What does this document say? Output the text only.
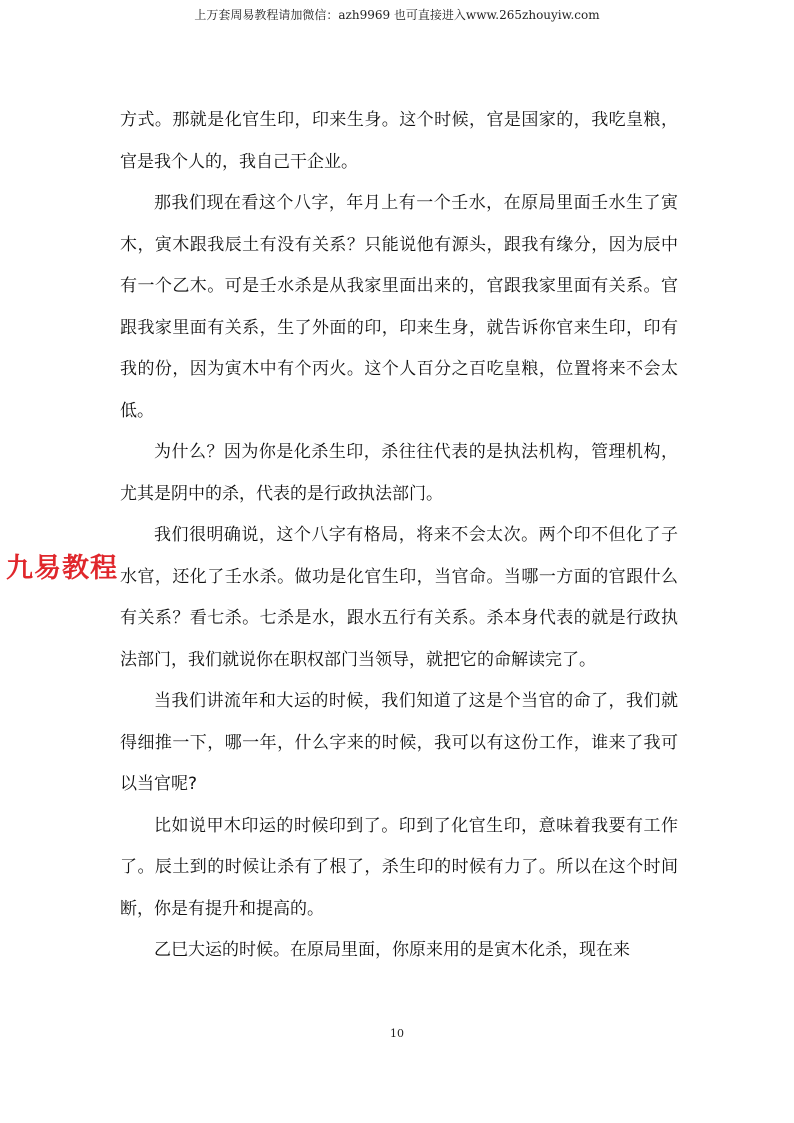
上万套周易教程请加微信：azh9969 也可直接进入www.265zhouyiw.com

方式。那就是化官生印，印来生身。这个时候，官是国家的，我吃皇粮，官是我个人的，我自己干企业。

那我们现在看这个八字，年月上有一个壬水，在原局里面壬水生了寅木，寅木跟我辰土有没有关系？只能说他有源头，跟我有缘分，因为辰中有一个乙木。可是壬水杀是从我家里面出来的，官跟我家里面有关系。官跟我家里面有关系，生了外面的印，印来生身，就告诉你官来生印，印有我的份，因为寅木中有个丙火。这个人百分之百吃皇粮，位置将来不会太低。

为什么？因为你是化杀生印，杀往往代表的是执法机构，管理机构，尤其是阴中的杀，代表的是行政执法部门。

我们很明确说，这个八字有格局，将来不会太次。两个印不但化了子水官，还化了壬水杀。做功是化官生印，当官命。当哪一方面的官跟什么有关系？看七杀。七杀是水，跟水五行有关系。杀本身代表的就是行政执法部门，我们就说你在职权部门当领导，就把它的命解读完了。

当我们讲流年和大运的时候，我们知道了这是个当官的命了，我们就得细推一下，哪一年，什么字来的时候，我可以有这份工作，谁来了我可以当官呢?

比如说甲木印运的时候印到了。印到了化官生印，意味着我要有工作了。辰土到的时候让杀有了根了，杀生印的时候有力了。所以在这个时间断，你是有提升和提高的。

乙巳大运的时候。在原局里面，你原来用的是寅木化杀，现在来

九易教程
10
